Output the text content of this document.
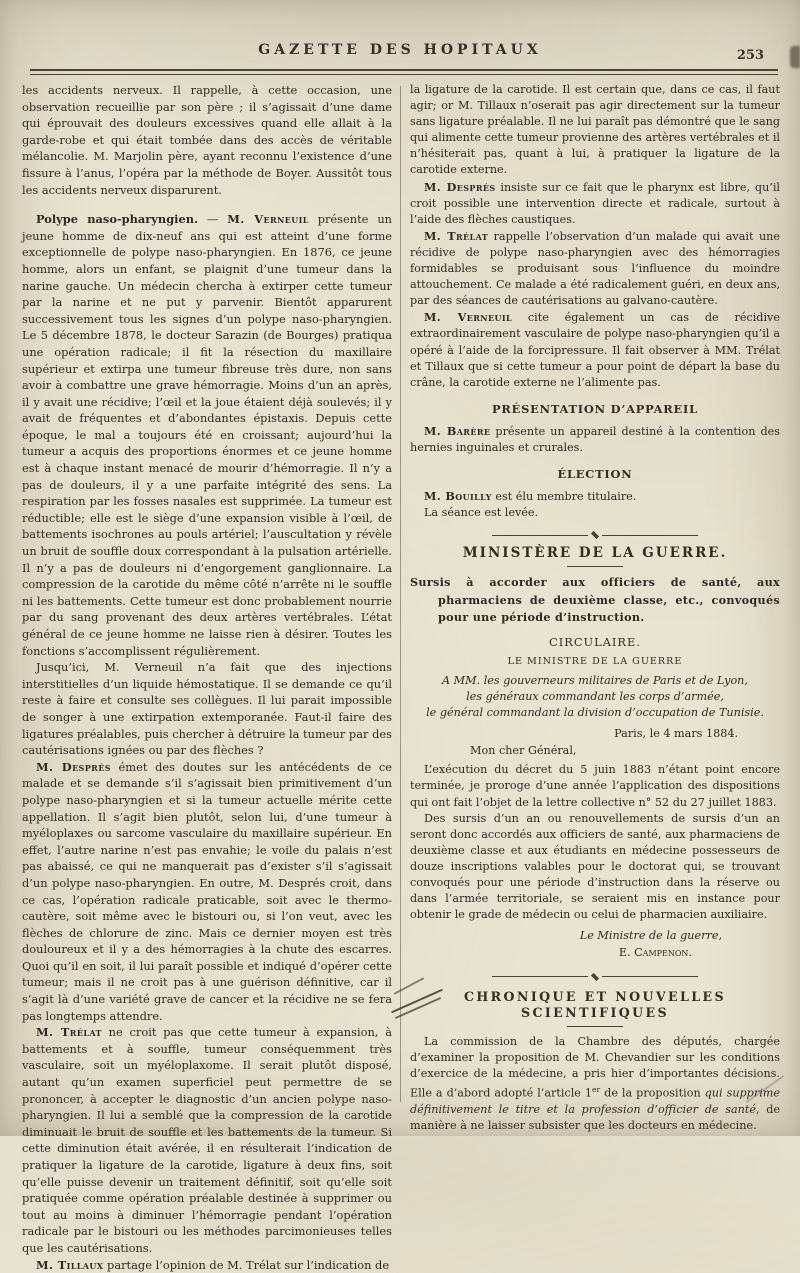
GAZETTE DES HOPITAUX	253

les accidents nerveux. Il rappelle, à cette occasion, une observation recueillie par son père ; il s’agissait d’une dame qui éprouvait des douleurs excessives quand elle allait à la garde-robe et qui était tombée dans des accès de véritable mélancolie. M. Marjolin père, ayant reconnu l’existence d’une fissure à l’anus, l’opéra par la méthode de Boyer. Aussitôt tous les accidents nerveux disparurent.

Polype naso-pharyngien. — M. Verneuil présente un jeune homme de dix-neuf ans qui est atteint d’une forme exceptionnelle de polype naso-pharyngien. En 1876, ce jeune homme, alors un enfant, se plaignit d’une tumeur dans la narine gauche. Un médecin chercha à extirper cette tumeur par la narine et ne put y parvenir. Bientôt apparurent successivement tous les signes d’un polype naso-pharyngien. Le 5 décembre 1878, le docteur Sarazin (de Bourges) pratiqua une opération radicale; il fit la résection du maxillaire supérieur et extirpa une tumeur fibreuse très dure, non sans avoir à combattre une grave hémorragie. Moins d’un an après, il y avait une récidive; l’œil et la joue étaient déjà soulevés; il y avait de fréquentes et d’abondantes épistaxis. Depuis cette époque, le mal a toujours été en croissant; aujourd’hui la tumeur a acquis des proportions énormes et ce jeune homme est à chaque instant menacé de mourir d’hémorragie. Il n’y a pas de douleurs, il y a une parfaite intégrité des sens. La respiration par les fosses nasales est supprimée. La tumeur est réductible; elle est le siège d’une expansion visible à l’œil, de battements isochrones au pouls artériel; l’auscultation y révèle un bruit de souffle doux correspondant à la pulsation artérielle. Il n’y a pas de douleurs ni d’engorgement ganglionnaire. La compression de la carotide du même côté n’arrête ni le souffle ni les battements. Cette tumeur est donc probablement nourrie par du sang provenant des deux artères vertébrales. L’état général de ce jeune homme ne laisse rien à désirer. Toutes les fonctions s’accomplissent régulièrement.

Jusqu’ici, M. Verneuil n’a fait que des injections interstitielles d’un liquide hémostatique. Il se demande ce qu’il reste à faire et consulte ses collègues. Il lui parait impossible de songer à une extirpation extemporanée. Faut-il faire des ligatures préalables, puis chercher à détruire la tumeur par des cautérisations ignées ou par des flèches ?

M. Després émet des doutes sur les antécédents de ce malade et se demande s’il s’agissait bien primitivement d’un polype naso-pharyngien et si la tumeur actuelle mérite cette appellation. Il s’agit bien plutôt, selon lui, d’une tumeur à myéloplaxes ou sarcome vasculaire du maxillaire supérieur. En effet, l’autre narine n’est pas envahie; le voile du palais n’est pas abaissé, ce qui ne manquerait pas d’exister s’il s’agissait d’un polype naso-pharyngien. En outre, M. Després croit, dans ce cas, l’opération radicale praticable, soit avec le thermo-cautère, soit même avec le bistouri ou, si l’on veut, avec les flèches de chlorure de zinc. Mais ce dernier moyen est très douloureux et il y a des hémorragies à la chute des escarres. Quoi qu’il en soit, il lui paraît possible et indiqué d’opérer cette tumeur; mais il ne croit pas à une guérison définitive, car il s’agit là d’une variété grave de cancer et la récidive ne se fera pas longtemps attendre.

M. Trélat ne croit pas que cette tumeur à expansion, à battements et à souffle, tumeur conséquemment très vasculaire, soit un myéloplaxome. Il serait plutôt disposé, autant qu’un examen superficiel peut permettre de se prononcer, à accepter le diagnostic d’un ancien polype naso-pharyngien. Il lui a semblé que la compression de la carotide diminuait le bruit de souffle et les battements de la tumeur. Si cette diminution était avérée, il en résulterait l’indication de pratiquer la ligature de la carotide, ligature à deux fins, soit qu’elle puisse devenir un traitement définitif, soit qu’elle soit pratiquée comme opération préalable destinée à supprimer ou tout au moins à diminuer l’hémorragie pendant l’opération radicale par le bistouri ou les méthodes parcimonieuses telles que les cautérisations.

M. Tillaux partage l’opinion de M. Trélat sur l’indication de

la ligature de la carotide. Il est certain que, dans ce cas, il faut agir; or M. Tillaux n’oserait pas agir directement sur la tumeur sans ligature préalable. Il ne lui paraît pas démontré que le sang qui alimente cette tumeur provienne des artères vertébrales et il n’hésiterait pas, quant à lui, à pratiquer la ligature de la carotide externe.

M. Després insiste sur ce fait que le pharynx est libre, qu’il croit possible une intervention directe et radicale, surtout à l’aide des flèches caustiques.

M. Trélat rappelle l’observation d’un malade qui avait une récidive de polype naso-pharyngien avec des hémorragies formidables se produisant sous l’influence du moindre attouchement. Ce malade a été radicalement guéri, en deux ans, par des séances de cautérisations au galvano-cautère.

M. Verneuil cite également un cas de récidive extraordinairement vasculaire de polype naso-pharyngien qu’il a opéré à l’aide de la forcipressure. Il fait observer à MM. Trélat et Tillaux que si cette tumeur a pour point de départ la base du crâne, la carotide externe ne l’alimente pas.

PRÉSENTATION D’APPAREIL

M. Barère présente un appareil destiné à la contention des hernies inguinales et crurales.

ÉLECTION

M. Bouilly est élu membre titulaire.

La séance est levée.

MINISTÈRE DE LA GUERRE.

Sursis à accorder aux officiers de santé, aux pharmaciens de deuxième classe, etc., convoqués pour une période d’instruction.

CIRCULAIRE.
LE MINISTRE DE LA GUERRE
A MM. les gouverneurs militaires de Paris et de Lyon,
les généraux commandant les corps d’armée,
le général commandant la division d’occupation de Tunisie.
Paris, le 4 mars 1884.
Mon cher Général,

L’exécution du décret du 5 juin 1883 n’étant point encore terminée, je proroge d’une année l’application des dispositions qui ont fait l’objet de la lettre collective n° 52 du 27 juillet 1883.

Des sursis d’un an ou renouvellements de sursis d’un an seront donc accordés aux officiers de santé, aux pharmaciens de deuxième classe et aux étudiants en médecine possesseurs de douze inscriptions valables pour le doctorat qui, se trouvant convoqués pour une période d’instruction dans la réserve ou dans l’armée territoriale, se seraient mis en instance pour obtenir le grade de médecin ou celui de pharmacien auxiliaire.

Le Ministre de la guerre,
E. Campenon.
CHRONIQUE ET NOUVELLES SCIENTIFIQUES

La commission de la Chambre des députés, chargée d’examiner la proposition de M. Chevandier sur les conditions d’exercice de la médecine, a pris hier d’importantes décisions. Elle a d’abord adopté l’article 1er de la proposition qui supprime définitivement le titre et la profession d’officier de santé, de manière à ne laisser subsister que les docteurs en médecine.
